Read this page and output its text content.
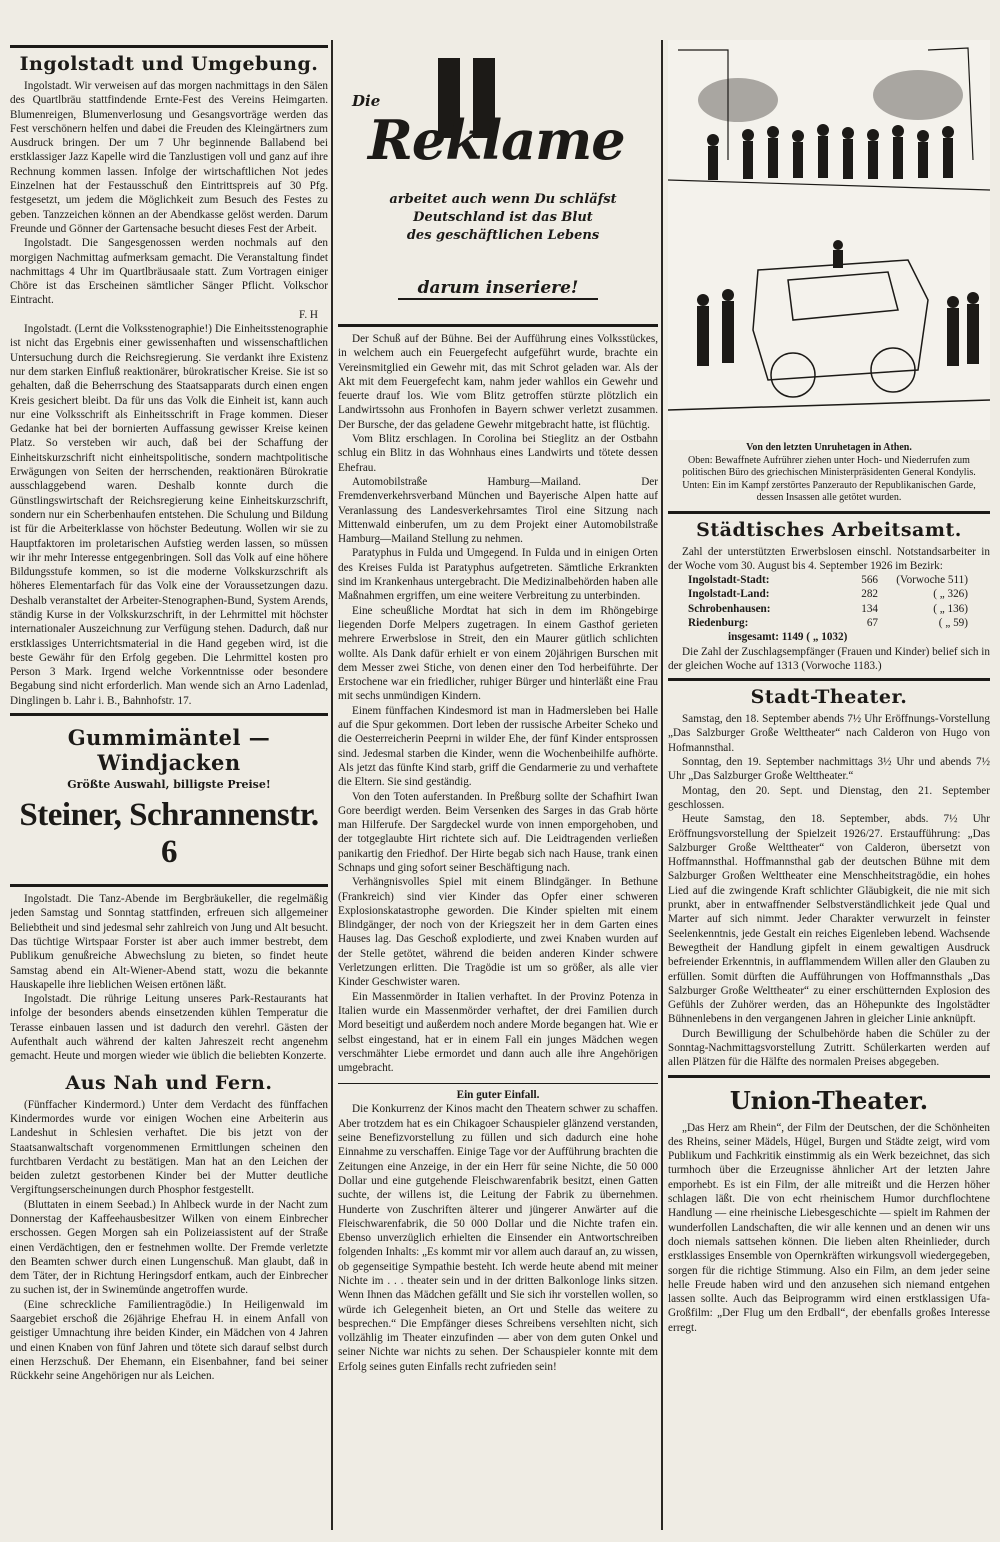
Ingolstadt und Umgebung.

Ingolstadt. Wir verweisen auf das morgen nachmittags in den Sälen des Quartlbräu stattfindende Ernte-Fest des Vereins Heimgarten. Blumenreigen, Blumenverlosung und Gesangsvorträge werden das Fest verschönern helfen und dabei die Freuden des Kleingärtners zum Ausdruck bringen. Der um 7 Uhr beginnende Ballabend bei erstklassiger Jazz Kapelle wird die Tanzlustigen voll und ganz auf ihre Rechnung kommen lassen. Infolge der wirtschaftlichen Not jedes Einzelnen hat der Festausschuß den Eintrittspreis auf 30 Pfg. festgesetzt, um jedem die Möglichkeit zum Besuch des Festes zu geben. Tanzzeichen können an der Abendkasse gelöst werden. Darum Freunde und Gönner der Gartensache besucht dieses Fest der Arbeit.

Ingolstadt. Die Sangesgenossen werden nochmals auf den morgigen Nachmittag aufmerksam gemacht. Die Veranstaltung findet nachmittags 4 Uhr im Quartlbräusaale statt. Zum Vortragen einiger Chöre ist das Erscheinen sämtlicher Sänger Pflicht. Volkschor Eintracht.

F. H

Ingolstadt. (Lernt die Volksstenographie!) Die Einheitsstenographie ist nicht das Ergebnis einer gewissenhaften und wissenschaftlichen Untersuchung durch die Reichsregierung. Sie verdankt ihre Existenz nur dem starken Einfluß reaktionärer, bürokratischer Kreise. Sie ist so gehalten, daß die Beherrschung des Staatsapparats durch einen engen Kreis gesichert bleibt. Da für uns das Volk die Einheit ist, kann auch nur eine Volksschrift als Einheitsschrift in Frage kommen. Dieser Gedanke hat bei der bornierten Auffassung gewisser Kreise keinen Platz. So versteben wir auch, daß bei der Schaffung der Einheitskurzschrift nicht einheitspolitische, sondern machtpolitische Erwägungen von Seiten der herrschenden, reaktionären Bürokratie ausschlaggebend waren. Deshalb konnte durch die Günstlingswirtschaft der Reichsregierung keine Einheitskurzschrift, sondern nur ein Scherbenhaufen entstehen. Die Schulung und Bildung ist für die Arbeiterklasse von höchster Bedeutung. Wollen wir sie zu Hauptfaktoren im proletarischen Aufstieg werden lassen, so müssen wir ihr mehr Interesse entgegenbringen. Soll das Volk auf eine höhere Bildungsstufe kommen, so ist die moderne Volkskurzschrift als höheres Elementarfach für das Volk eine der Voraussetzungen dazu. Deshalb veranstaltet der Arbeiter-Stenographen-Bund, System Arends, ständig Kurse in der Volkskurzschrift, in der Lehrmittel mit höchster internationaler Auszeichnung zur Verfügung stehen. Dadurch, daß nur erstklassiges Unterrichtsmaterial in die Hand gegeben wird, ist die beste Gewähr für den Erfolg gegeben. Die Lehrmittel kosten pro Person 3 Mark. Irgend welche Vorkenntnisse oder besondere Begabung sind nicht erforderlich. Man wende sich an Arno Ladenlad, Dinglingen b. Lahr i. B., Bahnhofstr. 17.

Gummimäntel — Windjacken
Größte Auswahl, billigste Preise!
Steiner, Schrannenstr. 6

Ingolstadt. Die Tanz-Abende im Bergbräukeller, die regelmäßig jeden Samstag und Sonntag stattfinden, erfreuen sich allgemeiner Beliebtheit und sind jedesmal sehr zahlreich von Jung und Alt besucht. Das tüchtige Wirtspaar Forster ist aber auch immer bestrebt, dem Publikum genußreiche Abwechslung zu bieten, so findet heute Samstag abend ein Alt-Wiener-Abend statt, wozu die bekannte Hauskapelle ihre lieblichen Weisen ertönen läßt.

Ingolstadt. Die rührige Leitung unseres Park-Restaurants hat infolge der besonders abends einsetzenden kühlen Temperatur die Terasse einbauen lassen und ist dadurch den verehrl. Gästen der Aufenthalt auch während der kalten Jahreszeit recht angenehm gemacht. Heute und morgen wieder wie üblich die beliebten Konzerte.

Aus Nah und Fern.

(Fünffacher Kindermord.) Unter dem Verdacht des fünffachen Kindermordes wurde vor einigen Wochen eine Arbeiterin aus Landeshut in Schlesien verhaftet. Die bis jetzt von der Staatsanwaltschaft vorgenommenen Ermittlungen scheinen den furchtbaren Verdacht zu bestätigen. Man hat an den Leichen der beiden zuletzt gestorbenen Kinder bei der Mutter deutliche Vergiftungserscheinungen durch Phosphor festgestellt.

(Bluttaten in einem Seebad.) In Ahlbeck wurde in der Nacht zum Donnerstag der Kaffeehausbesitzer Wilken von einem Einbrecher erschossen. Gegen Morgen sah ein Polizeiassistent auf der Straße einen Verdächtigen, den er festnehmen wollte. Der Fremde verletzte den Beamten schwer durch einen Lungenschuß. Man glaubt, daß in dem Täter, der in Richtung Heringsdorf entkam, auch der Einbrecher zu suchen ist, der in Swinemünde angetroffen wurde.

(Eine schreckliche Familientragödie.) In Heiligenwald im Saargebiet erschoß die 26jährige Ehefrau H. in einem Anfall von geistiger Umnachtung ihre beiden Kinder, ein Mädchen von 4 Jahren und einen Knaben von fünf Jahren und tötete sich darauf selbst durch einen Herzschuß. Der Ehemann, ein Eisenbahner, fand bei seiner Rückkehr seine Angehörigen nur als Leichen.

Die
Reklame
arbeitet auch wenn Du schläfst
Deutschland ist das Blut
des geschäftlichen Lebens
darum inseriere!

Der Schuß auf der Bühne. Bei der Aufführung eines Volksstückes, in welchem auch ein Feuergefecht aufgeführt wurde, brachte ein Vereinsmitglied ein Gewehr mit, das mit Schrot geladen war. Als der Akt mit dem Feuergefecht kam, nahm jeder wahllos ein Gewehr und feuerte drauf los. Wie vom Blitz getroffen stürzte plötzlich ein Landwirtssohn aus Fronhofen in Bayern schwer verletzt zusammen. Der Bursche, der das geladene Gewehr mitgebracht hatte, ist flüchtig.

Vom Blitz erschlagen. In Corolina bei Stieglitz an der Ostbahn schlug ein Blitz in das Wohnhaus eines Landwirts und tötete dessen Ehefrau.

Automobilstraße Hamburg—Mailand. Der Fremdenverkehrsverband München und Bayerische Alpen hatte auf Veranlassung des Landesverkehrsamtes Tirol eine Sitzung nach Mittenwald einberufen, um zu dem Projekt einer Automobilstraße Hamburg—Mailand Stellung zu nehmen.

Paratyphus in Fulda und Umgegend. In Fulda und in einigen Orten des Kreises Fulda ist Paratyphus aufgetreten. Sämtliche Erkrankten sind im Krankenhaus untergebracht. Die Medizinalbehörden haben alle Maßnahmen ergriffen, um eine weitere Verbreitung zu unterbinden.

Eine scheußliche Mordtat hat sich in dem im Rhöngebirge liegenden Dorfe Melpers zugetragen. In einem Gasthof gerieten mehrere Erwerbslose in Streit, den ein Maurer gütlich schlichten wollte. Als Dank dafür erhielt er von einem 20jährigen Burschen mit dem Messer zwei Stiche, von denen einer den Tod herbeiführte. Der Erstochene war ein friedlicher, ruhiger Bürger und hinterläßt eine Frau mit sechs unmündigen Kindern.

Einem fünffachen Kindesmord ist man in Hadmersleben bei Halle auf die Spur gekommen. Dort leben der russische Arbeiter Scheko und die Oesterreicherin Peeprni in wilder Ehe, der fünf Kinder entsprossen sind. Jedesmal starben die Kinder, wenn die Wochenbeihilfe aufhörte. Als jetzt das fünfte Kind starb, griff die Gendarmerie zu und verhaftete die Eltern. Sie sind geständig.

Von den Toten auferstanden. In Preßburg sollte der Schafhirt Iwan Gore beerdigt werden. Beim Versenken des Sarges in das Grab hörte man Hilferufe. Der Sargdeckel wurde von innen emporgehoben, und der totgeglaubte Hirt richtete sich auf. Die Leidtragenden verließen panikartig den Friedhof. Der Hirte begab sich nach Hause, trank einen Schnaps und ging sofort seiner Beschäftigung nach.

Verhängnisvolles Spiel mit einem Blindgänger. In Bethune (Frankreich) sind vier Kinder das Opfer einer schweren Explosionskatastrophe geworden. Die Kinder spielten mit einem Blindgänger, der noch von der Kriegszeit her in dem Garten eines Hauses lag. Das Geschoß explodierte, und zwei Knaben wurden auf der Stelle getötet, während die beiden anderen Kinder schwere Verletzungen erlitten. Die Tragödie ist um so größer, als alle vier Kinder Geschwister waren.

Ein Massenmörder in Italien verhaftet. In der Provinz Potenza in Italien wurde ein Massenmörder verhaftet, der drei Familien durch Mord beseitigt und außerdem noch andere Morde begangen hat. Wie er selbst eingestand, hat er in einem Fall ein junges Mädchen wegen verschmähter Liebe ermordet und dann auch alle ihre Angehörigen umgebracht.

Ein guter Einfall.

Die Konkurrenz der Kinos macht den Theatern schwer zu schaffen. Aber trotzdem hat es ein Chikagoer Schauspieler glänzend verstanden, seine Benefizvorstellung zu füllen und sich dadurch eine hohe Einnahme zu verschaffen. Einige Tage vor der Aufführung brachten die Zeitungen eine Anzeige, in der ein Herr für seine Nichte, die 50 000 Dollar und eine gutgehende Fleischwarenfabrik besitzt, einen Gatten suchte, der willens ist, die Leitung der Fabrik zu übernehmen. Hunderte von Zuschriften älterer und jüngerer Anwärter auf die Fleischwarenfabrik, die 50 000 Dollar und die Nichte trafen ein. Ebenso unverzüglich erhielten die Einsender ein Antwortschreiben folgenden Inhalts: „Es kommt mir vor allem auch darauf an, zu wissen, ob gegenseitige Sympathie besteht. Ich werde heute abend mit meiner Nichte im . . . theater sein und in der dritten Balkonloge links sitzen. Wenn Ihnen das Mädchen gefällt und Sie sich ihr vorstellen wollen, so würde ich Gelegenheit bieten, an Ort und Stelle das weitere zu besprechen.“ Die Empfänger dieses Schreibens versehlten nicht, sich vollzählig im Theater einzufinden — aber von dem guten Onkel und seiner Nichte war nichts zu sehen. Der Schauspieler konnte mit dem Erfolg seines guten Einfalls recht zufrieden sein!

Von den letzten Unruhetagen in Athen.
Oben: Bewaffnete Aufrührer ziehen unter Hoch- und Niederrufen zum politischen Büro des griechischen Ministerpräsidenten General Kondylis.
Unten: Ein im Kampf zerstörtes Panzerauto der Republikanischen Garde, dessen Insassen alle getötet wurden.
Städtisches Arbeitsamt.

Zahl der unterstützten Erwerbslosen einschl. Notstandsarbeiter in der Woche vom 30. August bis 4. September 1926 im Bezirk:

Ingolstadt-Stadt:	566	(Vorwoche 511)
Ingolstadt-Land:	282	( „ 326)
Schrobenhausen:	134	( „ 136)
Riedenburg:	67	( „ 59)
insgesamt: 1149 ( „ 1032)

Die Zahl der Zuschlagsempfänger (Frauen und Kinder) belief sich in der gleichen Woche auf 1313 (Vorwoche 1183.)

Stadt-Theater.

Samstag, den 18. September abends 7½ Uhr Eröffnungs-Vorstellung „Das Salzburger Große Welttheater“ nach Calderon von Hugo von Hofmannsthal.

Sonntag, den 19. September nachmittags 3½ Uhr und abends 7½ Uhr „Das Salzburger Große Welttheater.“

Montag, den 20. Sept. und Dienstag, den 21. September geschlossen.

Heute Samstag, den 18. September, abds. 7½ Uhr Eröffnungsvorstellung der Spielzeit 1926/27. Erstaufführung: „Das Salzburger Große Welttheater“ von Calderon, übersetzt von Hoffmannsthal. Hoffmannsthal gab der deutschen Bühne mit dem Salzburger Großen Welttheater eine Menschheitstragödie, ein hohes Lied auf die zwingende Kraft schlichter Gläubigkeit, die nie mit sich prunkt, aber in entwaffnender Selbstverständlichkeit jede Qual und Marter auf sich nimmt. Jeder Charakter verwurzelt in feinster Seelenkenntnis, jede Gestalt ein reiches Eigenleben lebend. Wachsende Bewegtheit der Handlung gipfelt in einem gewaltigen Ausdruck befreiender Erkenntnis, in aufflammendem Willen aller den Glauben zu erfüllen. Somit dürften die Aufführungen von Hoffmannsthals „Das Salzburger Große Welttheater“ zu einer erschütternden Explosion des Gefühls der Zuhörer werden, das an Höhepunkte des Ingolstädter Bühnenlebens in den vergangenen Jahren in gleicher Linie anknüpft.

Durch Bewilligung der Schulbehörde haben die Schüler zu der Sonntag-Nachmittagsvorstellung Zutritt. Schülerkarten werden auf allen Plätzen für die Hälfte des normalen Preises abgegeben.

Union-Theater.

„Das Herz am Rhein“, der Film der Deutschen, der die Schönheiten des Rheins, seiner Mädels, Hügel, Burgen und Städte zeigt, wird vom Publikum und Fachkritik einstimmig als ein Werk bezeichnet, das sich turmhoch über die Erzeugnisse ähnlicher Art der letzten Jahre emporhebt. Es ist ein Film, der alle mitreißt und die Herzen höher schlagen läßt. Die von echt rheinischem Humor durchflochtene Handlung — eine rheinische Liebesgeschichte — spielt im Rahmen der wunderfollen Landschaften, die wir alle kennen und an denen wir uns doch niemals sattsehen können. Die lieben alten Rheinlieder, durch erstklassiges Ensemble von Opernkräften wirkungsvoll wiedergegeben, sorgen für die richtige Stimmung. Also ein Film, an dem jeder seine helle Freude haben wird und den anzusehen sich niemand entgehen lassen sollte. Auch das Beiprogramm wird einen erstklassigen Ufa-Großfilm: „Der Flug um den Erdball“, der ebenfalls großes Interesse erregt.
